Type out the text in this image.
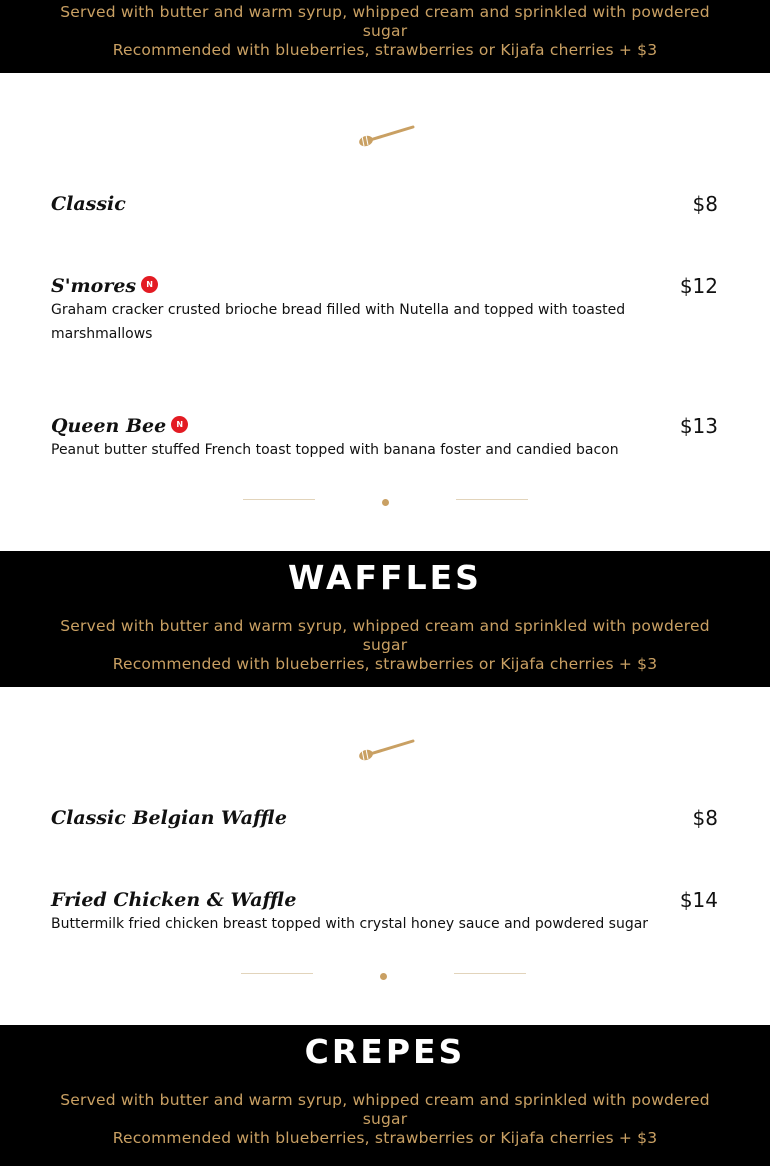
Served with butter and warm syrup, whipped cream and sprinkled with powdered sugar
Recommended with blueberries, strawberries or Kijafa cherries + $3
Classic	$8
S'mores N	$12
Graham cracker crusted brioche bread filled with Nutella and topped with toasted marshmallows
Queen Bee N	$13
Peanut butter stuffed French toast topped with banana foster and candied bacon
WAFFLES
Served with butter and warm syrup, whipped cream and sprinkled with powdered sugar
Recommended with blueberries, strawberries or Kijafa cherries + $3
Classic Belgian Waffle	$8
Fried Chicken & Waffle	$14
Buttermilk fried chicken breast topped with crystal honey sauce and powdered sugar
CREPES
Served with butter and warm syrup, whipped cream and sprinkled with powdered sugar
Recommended with blueberries, strawberries or Kijafa cherries + $3
